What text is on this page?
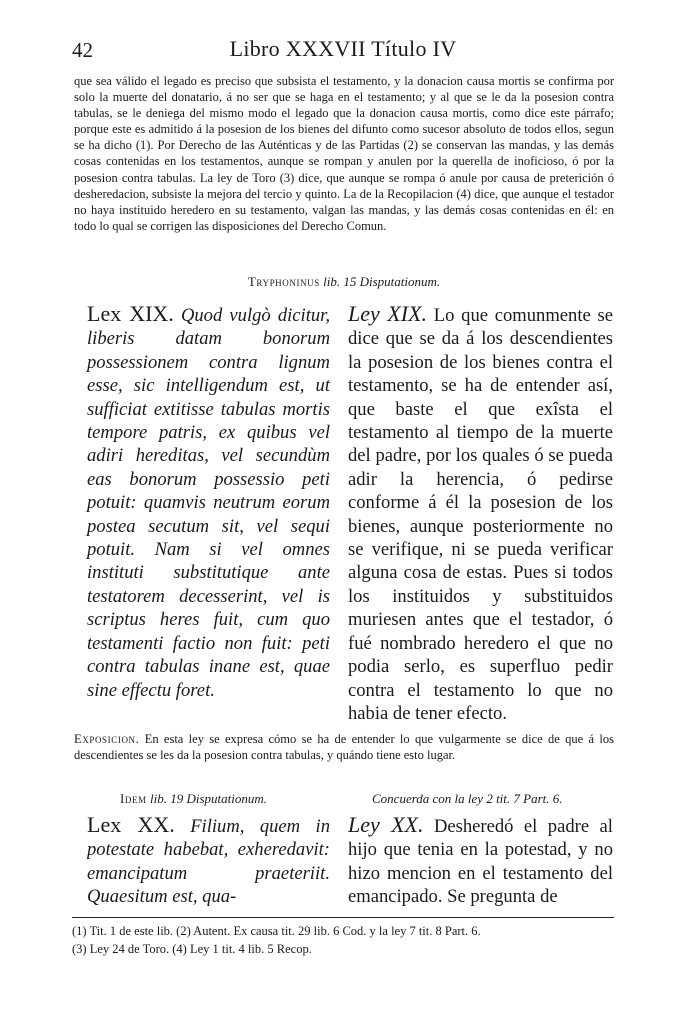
42	Libro XXXVII Título IV
que sea válido el legado es preciso que subsista el testamento, y la donacion causa mortis se confirma por solo la muerte del donatario, á no ser que se haga en el testamento; y al que se le da la posesion contra tabulas, se le deniega del mismo modo el legado que la donacion causa mortis, como dice este párrafo; porque este es admitido á la posesion de los bienes del difunto como sucesor absoluto de todos ellos, segun se ha dicho (1). Por Derecho de las Auténticas y de las Partidas (2) se conservan las mandas, y las demás cosas contenidas en los testamentos, aunque se rompan y anulen por la querella de inoficioso, ó por la posesion contra tabulas. La ley de Toro (3) dice, que aunque se rompa ó anule por causa de preterición ó desheredacion, subsiste la mejora del tercio y quinto. La de la Recopilacion (4) dice, que aunque el testador no haya instituido heredero en su testamento, valgan las mandas, y las demás cosas contenidas en él: en todo lo qual se corrigen las disposiciones del Derecho Comun.
Tryphoninus lib. 15 Disputationum.
Lex XIX. Quod vulgò dicitur, liberis datam bonorum possessionem contra lignum esse, sic intelligendum est, ut sufficiat extitisse tabulas mortis tempore patris, ex quibus vel adiri hereditas, vel secundùm eas bonorum possessio peti potuit: quamvis neutrum eorum postea secutum sit, vel sequi potuit. Nam si vel omnes instituti substitutique ante testatorem decesserint, vel is scriptus heres fuit, cum quo testamenti factio non fuit: peti contra tabulas inane est, quae sine effectu foret.
Ley XIX. Lo que comunmente se dice que se da á los descendientes la posesion de los bienes contra el testamento, se ha de entender así, que baste el que exîsta el testamento al tiempo de la muerte del padre, por los quales ó se pueda adir la herencia, ó pedirse conforme á él la posesion de los bienes, aunque posteriormente no se verifique, ni se pueda verificar alguna cosa de estas. Pues si todos los instituidos y substituidos muriesen antes que el testador, ó fué nombrado heredero el que no podia serlo, es superfluo pedir contra el testamento lo que no habia de tener efecto.
Exposicion. En esta ley se expresa cómo se ha de entender lo que vulgarmente se dice de que á los descendientes se les da la posesion contra tabulas, y quándo tiene esto lugar.
Idem lib. 19 Disputationum.	Concuerda con la ley 2 tit. 7 Part. 6.
Lex XX. Filium, quem in potestate habebat, exheredavit: emancipatum praeteriit. Quaesitum est, qua-
Ley XX. Desheredó el padre al hijo que tenia en la potestad, y no hizo mencion en el testamento del emancipado. Se pregunta de
(1) Tit. 1 de este lib. (2) Autent. Ex causa tit. 29 lib. 6 Cod. y la ley 7 tit. 8 Part. 6.
(3) Ley 24 de Toro. (4) Ley 1 tit. 4 lib. 5 Recop.
